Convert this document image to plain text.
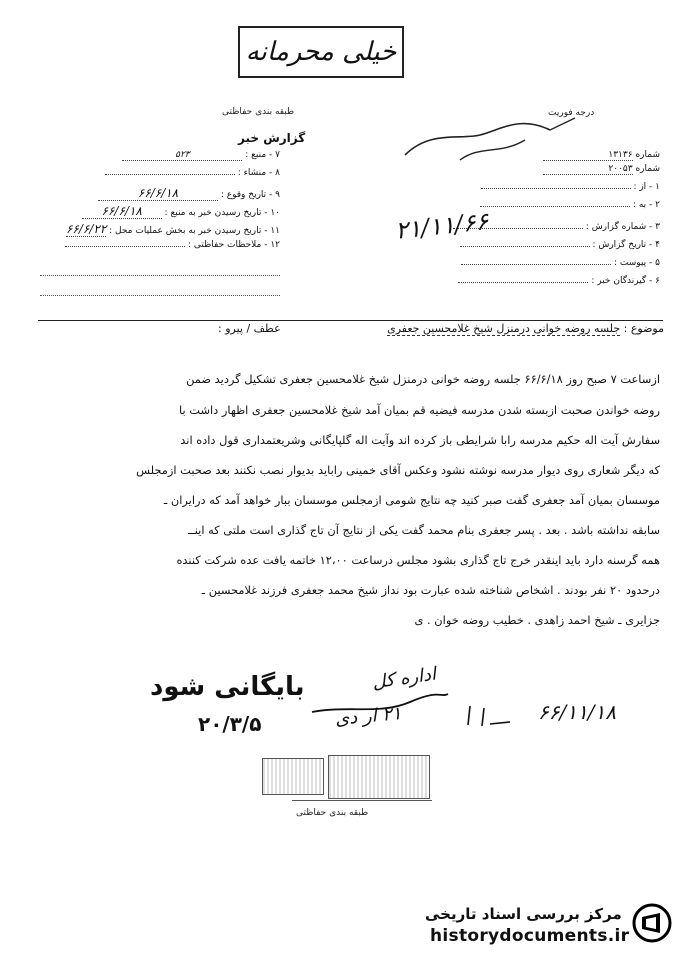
خیلی محرمانه
طبقه بندی حفاظتی	درجه فوریت
گزارش خبر
۷ - منبع : ۵۲۳
۸ - منشاء :
۹ - تاریخ وقوع : ۶۶/۶/۱۸
۱۰ - تاریخ رسیدن خبر به منبع : ۶۶/۶/۱۸
۱۱ - تاریخ رسیدن خبر به بخش عملیات محل : ۶۶/۶/۲۲
۱۲ - ملاحظات حفاظتی :
شماره ۱۳۱۳۶
شماره ۲۰۰۵۳
۱ - از :
۲ - به :
۳ - شماره گزارش :
۴ - تاریخ گزارش :
۵ - پیوست :
۶ - گیرندگان خبر :
۲۱/۱۱/۶۶
موضوع : جلسه روضه خوانی درمنزل شیخ غلامحسین جعفری
عطف / پیرو :
ازساعت ۷ صبح روز ۶۶/۶/۱۸ جلسه روضه خوانی درمنزل شیخ غلامحسین جعفری تشکیل گردید ضمن
روضه خواندن صحبت ازبسته شدن مدرسه فیضیه قم بمیان آمد شیخ غلامحسین جعفری اظهار داشت با
سفارش آیت اله حکیم مدرسه رابا شرایطی باز کرده اند وآیت اله گلپایگانی وشریعتمداری قول داده اند
که دیگر شعاری روی دیوار مدرسه نوشته نشود وعکس آقای خمینی راباید بدیوار نصب نکنند بعد صحبت ازمجلس
موسسان بمیان آمد جعفری گفت صبر کنید چه نتایج شومی ازمجلس موسسان ببار خواهد آمد که درایران ـ
سابقه نداشته باشد . بعد . پسر جعفری بنام محمد گفت یکی از نتایج آن تاج گذاری است ملتی که اینــ
همه گرسنه دارد باید اینقدر خرج تاج گذاری بشود مجلس درساعت ۱۲،۰۰ خاتمه یافت عده شرکت کننده
درحدود ۲۰ نفر بودند . اشخاص شناخته شده عبارت بود نداز شیخ محمد جعفری فرزند غلامحسین ـ
جزایری ـ شیخ احمد زاهدی . خطیب روضه خوان . ی
اداره کل
بایگانی شود
۲۰/۳/۵	۲۱ ار دی	۶۶/۱۱/۱۸
طبقه بندی حفاظتی
مرکز بررسی اسناد تاریخی
historydocuments.ir
